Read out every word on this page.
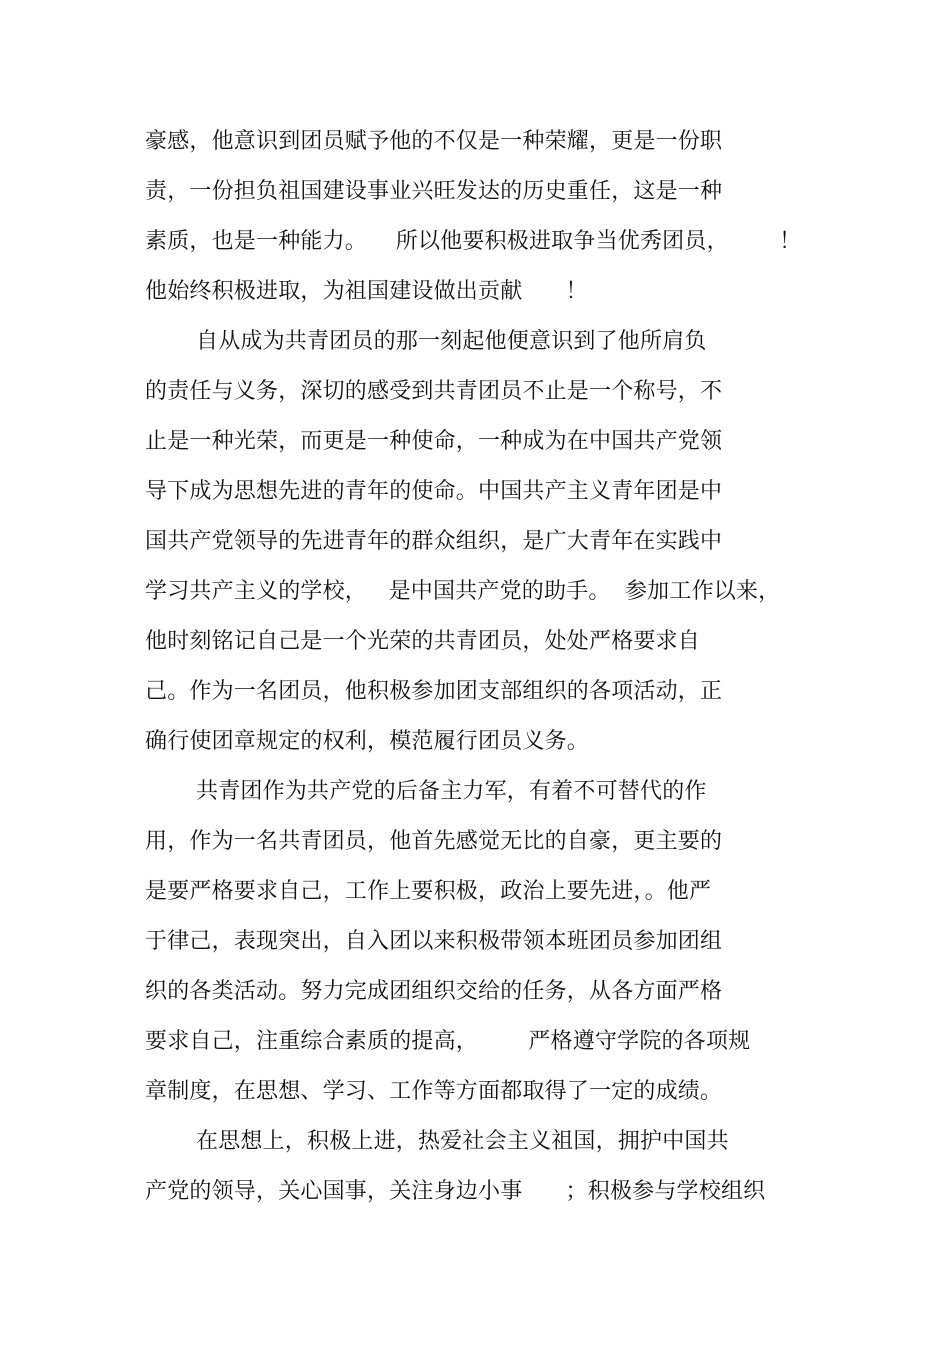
豪感，他意识到团员赋予他的不仅是一种荣耀，更是一份职
责，一份担负祖国建设事业兴旺发达的历史重任，这是一种
素质，也是一种能力。    所以他要积极进取争当优秀团员，       ！
他始终积极进取，为祖国建设做出贡献      ！
自从成为共青团员的那一刻起他便意识到了他所肩负
的责任与义务，深切的感受到共青团员不止是一个称号，不
止是一种光荣，而更是一种使命，一种成为在中国共产党领
导下成为思想先进的青年的使命。中国共产主义青年团是中
国共产党领导的先进青年的群众组织，是广大青年在实践中
学习共产主义的学校，   是中国共产党的助手。  参加工作以来，
他时刻铭记自己是一个光荣的共青团员，处处严格要求自
己。作为一名团员，他积极参加团支部组织的各项活动，正
确行使团章规定的权利，模范履行团员义务。
共青团作为共产党的后备主力军，有着不可替代的作
用，作为一名共青团员，他首先感觉无比的自豪，更主要的
是要严格要求自己，工作上要积极，政治上要先进，。他严
于律己，表现突出，自入团以来积极带领本班团员参加团组
织的各类活动。努力完成团组织交给的任务，从各方面严格
要求自己，注重综合素质的提高，       严格遵守学院的各项规
章制度，在思想、学习、工作等方面都取得了一定的成绩。
在思想上，积极上进，热爱社会主义祖国，拥护中国共
产党的领导，关心国事，关注身边小事      ；积极参与学校组织
